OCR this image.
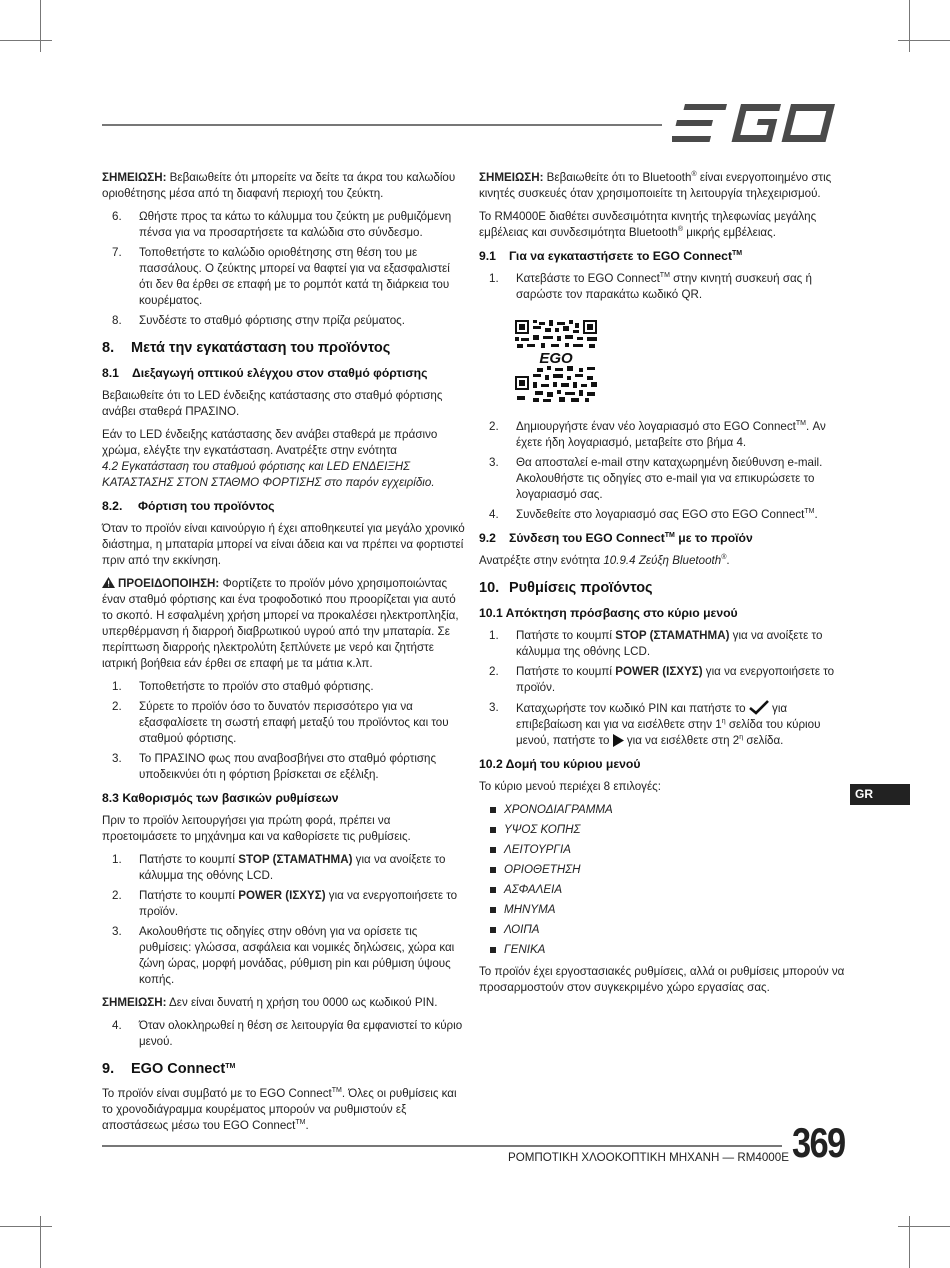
ΣΗΜΕΙΩΣΗ: Βεβαιωθείτε ότι μπορείτε να δείτε τα άκρα του καλωδίου οριοθέτησης μέσα από τη διαφανή περιοχή του ζεύκτη.

6. Ωθήστε προς τα κάτω το κάλυμμα του ζεύκτη με ρυθμιζόμενη πένσα για να προσαρτήσετε τα καλώδια στο σύνδεσμο.
7. Τοποθετήστε το καλώδιο οριοθέτησης στη θέση του με πασσάλους. Ο ζεύκτης μπορεί να θαφτεί για να εξασφαλιστεί ότι δεν θα έρθει σε επαφή με το ρομπότ κατά τη διάρκεια του κουρέματος.
8. Συνδέστε το σταθμό φόρτισης στην πρίζα ρεύματος.
8. Μετά την εγκατάσταση του προϊόντος
8.1 Διεξαγωγή οπτικού ελέγχου στον σταθμό φόρτισης

Βεβαιωθείτε ότι το LED ένδειξης κατάστασης στο σταθμό φόρτισης ανάβει σταθερά ΠΡΑΣΙΝΟ.

Εάν το LED ένδειξης κατάστασης δεν ανάβει σταθερά με πράσινο χρώμα, ελέγξτε την εγκατάσταση. Ανατρέξτε στην ενότητα
4.2 Εγκατάσταση του σταθμού φόρτισης και LED ΕΝΔΕΙΞΗΣ ΚΑΤΑΣΤΑΣΗΣ ΣΤΟΝ ΣΤΑΘΜΟ ΦΟΡΤΙΣΗΣ στο παρόν εγχειρίδιο.

8.2. Φόρτιση του προϊόντος

Όταν το προϊόν είναι καινούργιο ή έχει αποθηκευτεί για μεγάλο χρονικό διάστημα, η μπαταρία μπορεί να είναι άδεια και να πρέπει να φορτιστεί πριν από την εκκίνηση.

ΠΡΟΕΙΔΟΠΟΙΗΣΗ: Φορτίζετε το προϊόν μόνο χρησιμοποιώντας έναν σταθμό φόρτισης και ένα τροφοδοτικό που προορίζεται για αυτό το σκοπό. Η εσφαλμένη χρήση μπορεί να προκαλέσει ηλεκτροπληξία, υπερθέρμανση ή διαρροή διαβρωτικού υγρού από την μπαταρία. Σε περίπτωση διαρροής ηλεκτρολύτη ξεπλύνετε με νερό και ζητήστε ιατρική βοήθεια εάν έρθει σε επαφή με τα μάτια κ.λπ.

1. Τοποθετήστε το προϊόν στο σταθμό φόρτισης.
2. Σύρετε το προϊόν όσο το δυνατόν περισσότερο για να εξασφαλίσετε τη σωστή επαφή μεταξύ του προϊόντος και του σταθμού φόρτισης.
3. Το ΠΡΑΣΙΝΟ φως που αναβοσβήνει στο σταθμό φόρτισης υποδεικνύει ότι η φόρτιση βρίσκεται σε εξέλιξη.
8.3 Καθορισμός των βασικών ρυθμίσεων

Πριν το προϊόν λειτουργήσει για πρώτη φορά, πρέπει να προετοιμάσετε το μηχάνημα και να καθορίσετε τις ρυθμίσεις.

1. Πατήστε το κουμπί STOP (ΣΤΑΜΑΤΗΜΑ) για να ανοίξετε το κάλυμμα της οθόνης LCD.
2. Πατήστε το κουμπί POWER (ΙΣΧΥΣ) για να ενεργοποιήσετε το προϊόν.
3. Ακολουθήστε τις οδηγίες στην οθόνη για να ορίσετε τις ρυθμίσεις: γλώσσα, ασφάλεια και νομικές δηλώσεις, χώρα και ζώνη ώρας, μορφή μονάδας, ρύθμιση pin και ρύθμιση ύψους κοπής.

ΣΗΜΕΙΩΣΗ: Δεν είναι δυνατή η χρήση του 0000 ως κωδικού PIN.

4. Όταν ολοκληρωθεί η θέση σε λειτουργία θα εμφανιστεί το κύριο μενού.
9. EGO Connect™

Το προϊόν είναι συμβατό με το EGO Connect™. Όλες οι ρυθμίσεις και το χρονοδιάγραμμα κουρέματος μπορούν να ρυθμιστούν εξ αποστάσεως μέσω του EGO Connect™.

ΣΗΜΕΙΩΣΗ: Βεβαιωθείτε ότι το Bluetooth® είναι ενεργοποιημένο στις κινητές συσκευές όταν χρησιμοποιείτε τη λειτουργία τηλεχειρισμού.

Το RM4000E διαθέτει συνδεσιμότητα κινητής τηλεφωνίας μεγάλης εμβέλειας και συνδεσιμότητα Bluetooth® μικρής εμβέλειας.

9.1 Για να εγκαταστήσετε το EGO Connect™
1. Κατεβάστε το EGO Connect™ στην κινητή συσκευή σας ή σαρώστε τον παρακάτω κωδικό QR.
EGO
2. Δημιουργήστε έναν νέο λογαριασμό στο EGO Connect™. Αν έχετε ήδη λογαριασμό, μεταβείτε στο βήμα 4.
3. Θα αποσταλεί e-mail στην καταχωρημένη διεύθυνση e-mail. Ακολουθήστε τις οδηγίες στο e-mail για να επικυρώσετε το λογαριασμό σας.
4. Συνδεθείτε στο λογαριασμό σας EGO στο EGO Connect™.
9.2 Σύνδεση του EGO Connect™ με το προϊόν

Ανατρέξτε στην ενότητα 10.9.4 Ζεύξη Bluetooth®.

10. Ρυθμίσεις προϊόντος
10.1 Απόκτηση πρόσβασης στο κύριο μενού
1. Πατήστε το κουμπί STOP (ΣΤΑΜΑΤΗΜΑ) για να ανοίξετε το κάλυμμα της οθόνης LCD.
2. Πατήστε το κουμπί POWER (ΙΣΧΥΣ) για να ενεργοποιήσετε το προϊόν.
3. Καταχωρήστε τον κωδικό PIN και πατήστε το  για επιβεβαίωση και για να εισέλθετε στην $1^\eta$ σελίδα του κύριου μενού, πατήστε το  για να εισέλθετε στη $2^\eta$ σελίδα.
10.2 Δομή του κύριου μενού

Το κύριο μενού περιέχει 8 επιλογές:

ΧΡΟΝΟΔΙΑΓΡΑΜΜΑ
ΥΨΟΣ ΚΟΠΗΣ
ΛΕΙΤΟΥΡΓΙΑ
ΟΡΙΟΘΕΤΗΣΗ
ΑΣΦΑΛΕΙΑ
ΜΗΝΥΜΑ
ΛΟΙΠΑ
ΓΕΝΙΚΑ

Το προϊόν έχει εργοστασιακές ρυθμίσεις, αλλά οι ρυθμίσεις μπορούν να προσαρμοστούν στον συγκεκριμένο χώρο εργασίας σας.

GR
ΡΟΜΠΟΤΙΚΗ ΧΛΟΟΚΟΠΤΙΚΗ ΜΗΧΑΝΗ — RM4000E 369
